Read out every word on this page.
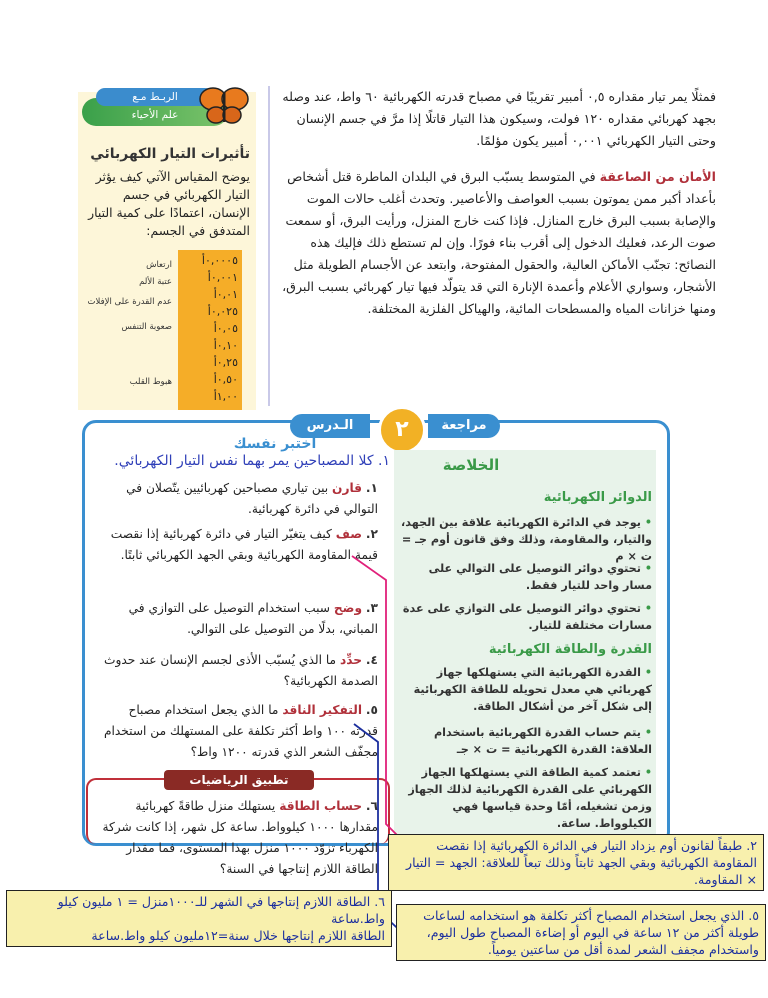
فمثلًا يمر تيار مقداره ٠,٥ أمبير تقريبًا في مصباح قدرته الكهربائية ٦٠ واط، عند وصله بجهد كهربائي مقداره ١٢٠ فولت، وسيكون هذا التيار قاتلًا إذا مرَّ في جسم الإنسان وحتى التيار الكهربائي ٠,٠٠١ أمبير يكون مؤلمًا.

الأمان من الصاعقة في المتوسط يسبّب البرق في البلدان الماطرة قتل أشخاص بأعداد أكبر ممن يموتون بسبب العواصف والأعاصير. وتحدث أغلب حالات الموت والإصابة بسبب البرق خارج المنازل. فإذا كنت خارج المنزل، ورأيت البرق، أو سمعت صوت الرعد، فعليك الدخول إلى أقرب بناء فورًا. وإن لم تستطع ذلك فإليك هذه النصائح: تجنّب الأماكن العالية، والحقول المفتوحة، وابتعد عن الأجسام الطويلة مثل الأشجار، وسواري الأعلام وأعمدة الإنارة التي قد يتولّد فيها تيار كهربائي بسبب البرق، ومنها خزانات المياه والمسطحات المائية، والهياكل الفلزية المختلفة.

الربـط مـع
علم الأحياء
تأثيرات التيار الكهربائي
يوضح المقياس الآتي كيف يؤثر التيار الكهربائي في جسم الإنسان، اعتمادًا على كمية التيار المتدفق في الجسم:
٠,٠٠٠٥أ
٠,٠٠١أ
٠,٠١أ
٠,٠٢٥أ
٠,٠٥أ
٠,١٠أ
٠,٢٥أ
٠,٥٠أ
١,٠٠أ
ارتعاش
عتبة الألم
عدم القدرة على الإفلات
صعوبة التنفس
هبوط القلب
مراجعة
٢
الـدرس
الخلاصة
الدوائر الكهربائية
• يوجد في الدائرة الكهربائية علاقة بين الجهد، والتيار، والمقاومة، وذلك وفق قانون أوم جـ = ت × م
• تحتوي دوائر التوصيل على التوالي على مسار واحد للتيار فقط.
• تحتوي دوائر التوصيل على التوازي على عدة مسارات مختلفة للتيار.
القدرة والطاقة الكهربائية
• القدرة الكهربائية التي يستهلكها جهاز كهربائي هي معدل تحويله للطاقة الكهربائية إلى شكل آخر من أشكال الطاقة.
• يتم حساب القدرة الكهربائية باستخدام العلاقة: القدرة الكهربائية = ت × جـ
• تعتمد كمية الطاقة التي يستهلكها الجهاز الكهربائي على القدرة الكهربائية لذلك الجهاز وزمن تشغيله، أمّا وحدة قياسها فهي الكيلوواط. ساعة.
اختبر نفسك
١. قارن بين تياري مصباحين كهربائيين يتّصلان في التوالي في دائرة كهربائية.
٢. صف كيف يتغيّر التيار في دائرة كهربائية إذا نقصت قيمة المقاومة الكهربائية وبقي الجهد الكهربائي ثابتًا.
٣. وضح سبب استخدام التوصيل على التوازي في المباني، بدلًا من التوصيل على التوالي.
٤. حدِّد ما الذي يُسبّب الأذى لجسم الإنسان عند حدوث الصدمة الكهربائية؟
٥. التفكير الناقد ما الذي يجعل استخدام مصباح قدرته ١٠٠ واط أكثر تكلفة على المستهلك من استخدام مجفّف الشعر الذي قدرته ١٢٠٠ واط؟
تطبيق الرياضيات
٦. حساب الطاقة يستهلك منزل طاقةً كهربائية مقدارها ١٠٠٠ كيلوواط. ساعة كل شهر، إذا كانت شركة الكهرباء تزوّد ١٠٠٠ منزل بهذا المستوى، فما مقدار الطاقة اللازم إنتاجها في السنة؟
١. كلا المصباحين يمر بهما نفس التيار الكهربائي.
٢. طبقاً لقانون أوم يزداد التيار في الدائرة الكهربائية إذا نقصت المقاومة الكهربائية وبقي الجهد ثابتاً وذلك تبعاً للعلاقة: الجهد = التيار × المقاومة.
٥. الذي يجعل استخدام المصباح أكثر تكلفة هو استخدامه لساعات طويلة أكثر من ١٢ ساعة في اليوم أو إضاءة المصباح طول اليوم، واستخدام مجفف الشعر لمدة أقل من ساعتين يومياً.
٦. الطاقة اللازم إنتاجها في الشهر للـ١٠٠٠منزل = ١ مليون كيلو واط.ساعة
الطاقة اللازم إنتاجها خلال سنة=١٢مليون كيلو واط.ساعة
